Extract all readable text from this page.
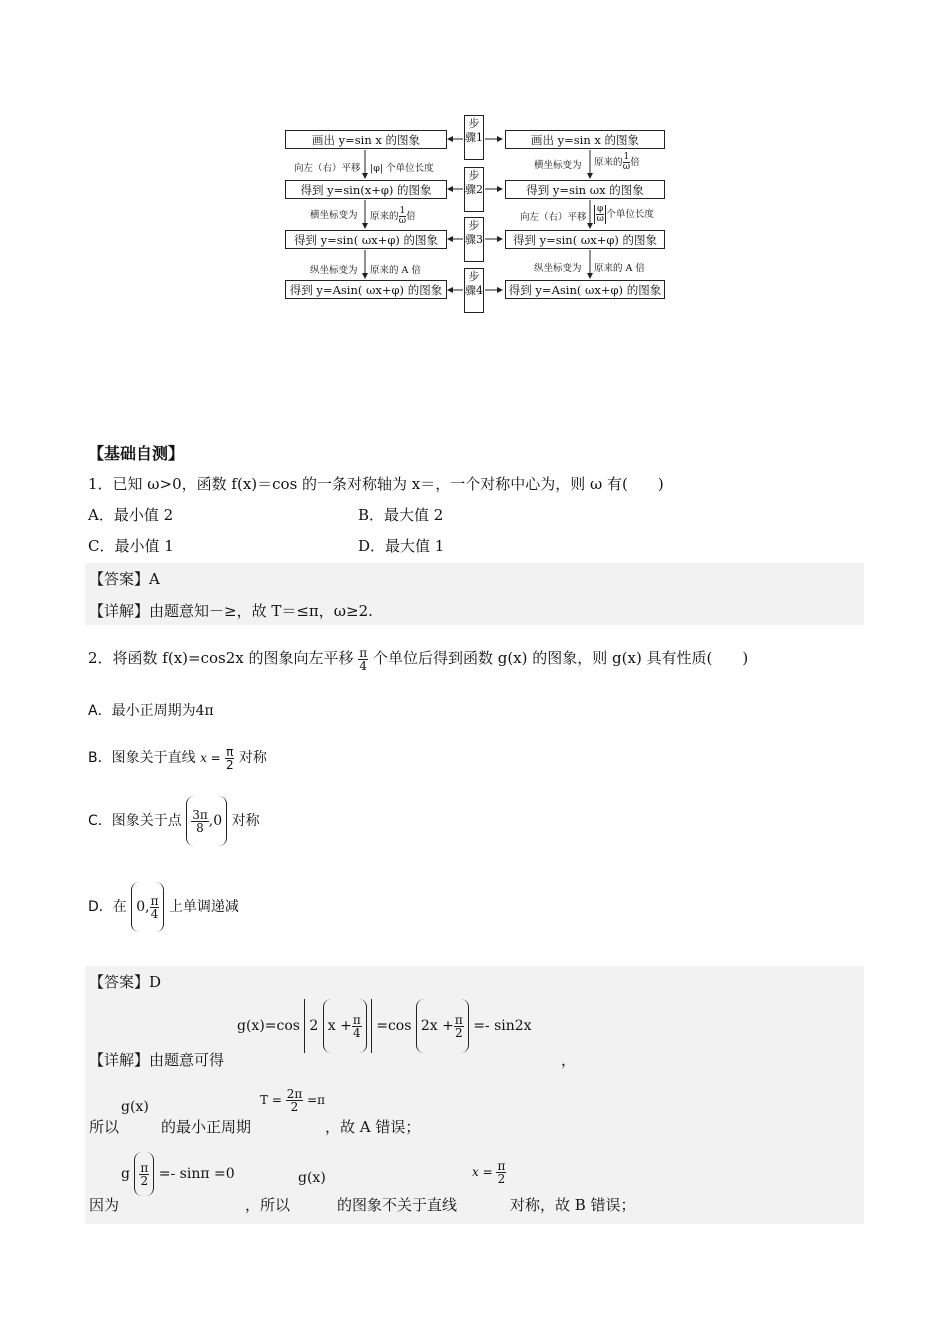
画出 y=sin x 的图象
得到 y=sin(x+φ) 的图象
得到 y=sin( ωx+φ) 的图象
得到 y=Asin( ωx+φ) 的图象
画出 y=sin x 的图象
得到 y=sin ωx 的图象
得到 y=sin( ωx+φ) 的图象
得到 y=Asin( ωx+φ) 的图象
步骤1
步骤2
步骤3
步骤4
向左（右）平移 |φ| 个单位长度
横坐标变为 原来的 $\frac{1}{\omega}$ 倍
纵坐标变为 原来的 A 倍
横坐标变为 原来的 $\frac{1}{\omega}$ 倍
向左（右）平移 $\frac{\varphi}{\omega}$ 个单位长度
纵坐标变为 原来的 A 倍
【基础自测】
1．已知 ω>0，函数 f(x)＝cos 的一条对称轴为 x＝，一个对称中心为，则 ω 有(　　)
A．最小值 2	B．最大值 2
C．最小值 1	D．最大值 1
【答案】A
【详解】由题意知－≥，故 T＝≤π，ω≥2.
2．将函数 f(x)=cos2x 的图象向左平移 $\frac{\pi}{4}$ 个单位后得到函数 g(x) 的图象，则 g(x) 具有性质(　　)
A．最小正周期为4π
B．图象关于直线 $x = \frac{\pi}{2}$ 对称
C．图象关于点 $\frac{3\pi}{8} ,0$ 对称
D．在 0, $\frac{\pi}{4}$ 上单调递减
【答案】D
g(x)=cos 2 $x + \frac{\pi}{4} =\cos$ $2x + \frac{\pi}{2} =- \sin 2x$
【详解】由题意可得	，
所以
g(x)
的最小正周期
$T = \frac{2\pi}{2} =\pi$
，故 A 错误；
g $\frac{\pi}{2} =- \sin\pi =0$
因为	，所以
g(x)
的图象不关于直线
$x = \frac{\pi}{2}$
对称，故 B 错误；
